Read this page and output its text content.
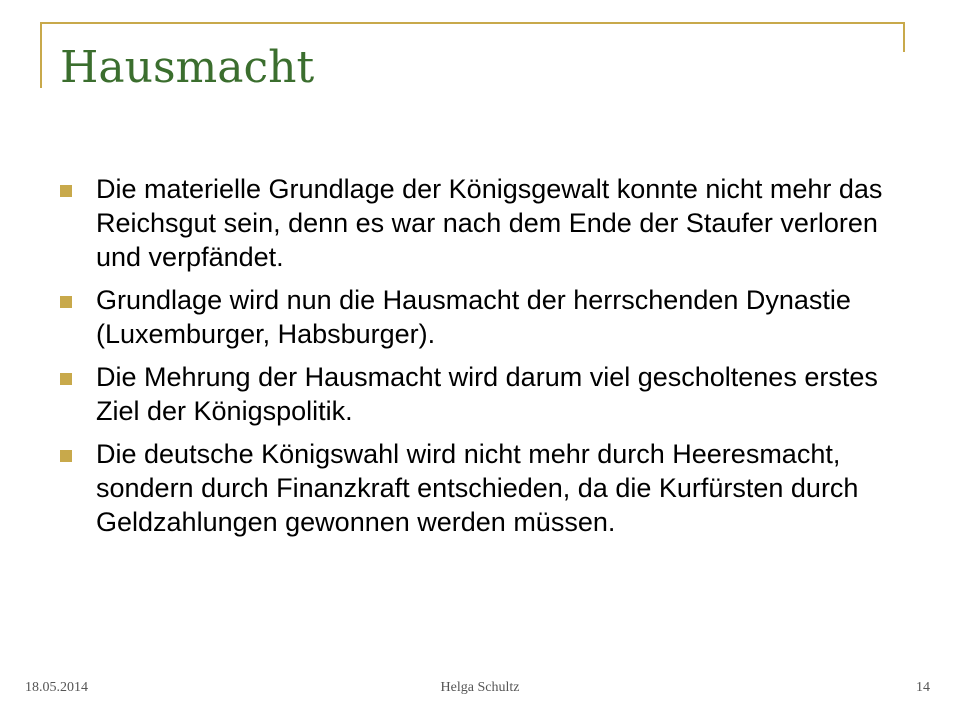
Hausmacht
Die materielle Grundlage der Königsgewalt konnte nicht mehr das Reichsgut sein, denn es war nach dem Ende der Staufer verloren und verpfändet.
Grundlage wird nun die Hausmacht der herrschenden Dynastie (Luxemburger, Habsburger).
Die Mehrung der Hausmacht wird darum viel gescholtenes erstes Ziel der Königspolitik.
Die deutsche Königswahl wird nicht mehr durch Heeresmacht, sondern durch Finanzkraft entschieden, da die Kurfürsten durch Geldzahlungen gewonnen werden müssen.
18.05.2014	Helga Schultz	14
